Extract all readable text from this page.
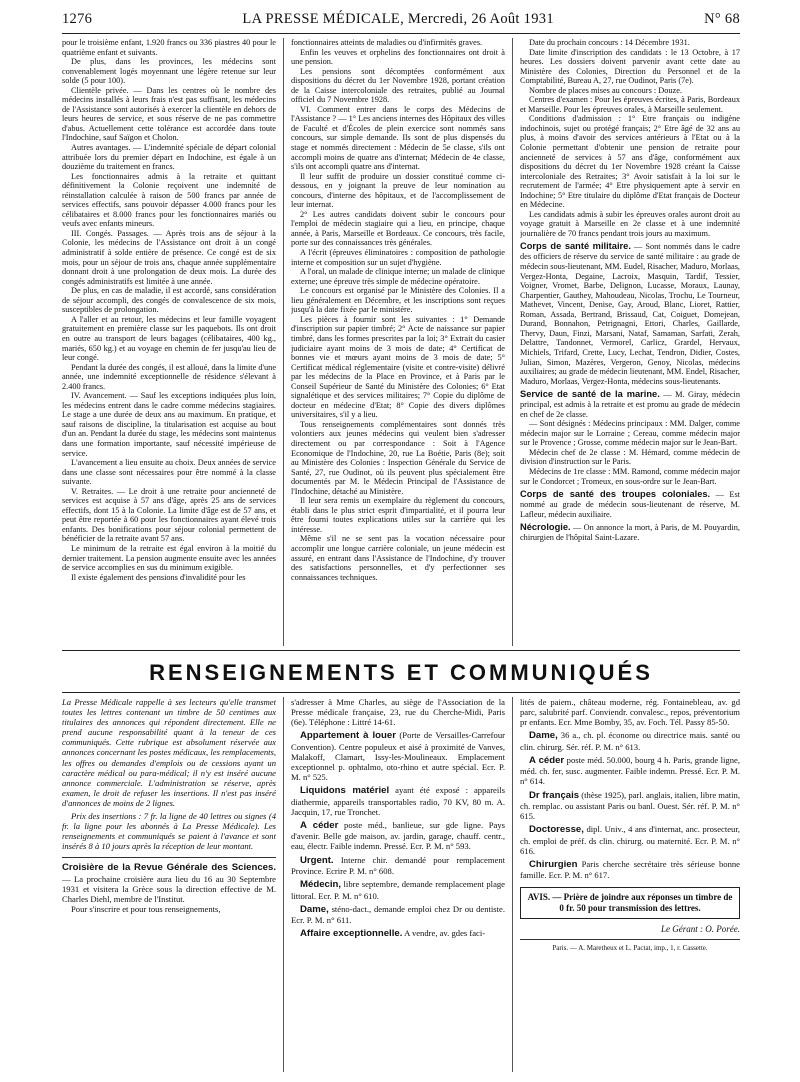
1276	LA PRESSE MÉDICALE, Mercredi, 26 Août 1931	N° 68

pour le troisième enfant, 1.920 francs ou 336 piastres 40 pour le quatrième enfant et suivants.

De plus, dans les provinces, les médecins sont convenablement logés moyennant une légère retenue sur leur solde (5 pour 100).

Clientèle privée. — Dans les centres où le nombre des médecins installés à leurs frais n'est pas suffisant, les médecins de l'Assistance sont autorisés à exercer la clientèle en dehors de leurs heures de service, et sous réserve de ne pas commettre d'abus. Actuellement cette tolérance est accordée dans toute l'Indochine, sauf Saïgon et Cholon.

Autres avantages. — L'indemnité spéciale de départ colonial attribuée lors du premier départ en Indochine, est égale à un douzième du traitement en francs.

Les fonctionnaires admis à la retraite et quittant définitivement la Colonie reçoivent une indemnité de réinstallation calculée à raison de 500 francs par année de services effectifs, sans pouvoir dépasser 4.000 francs pour les célibataires et 8.000 francs pour les fonctionnaires mariés ou veufs avec enfants mineurs.

III. Congés. Passages. — Après trois ans de séjour à la Colonie, les médecins de l'Assistance ont droit à un congé administratif à solde entière de présence. Ce congé est de six mois, pour un séjour de trois ans, chaque année supplémentaire donnant droit à une prolongation de deux mois. La durée des congés administratifs est limitée à une année.

De plus, en cas de maladie, il est accordé, sans considération de séjour accompli, des congés de convalescence de six mois, susceptibles de prolongation.

A l'aller et au retour, les médecins et leur famille voyagent gratuitement en première classe sur les paquebots. Ils ont droit en outre au transport de leurs bagages (célibataires, 400 kg., mariés, 650 kg.) et au voyage en chemin de fer jusqu'au lieu de leur congé.

Pendant la durée des congés, il est alloué, dans la limite d'une année, une indemnité exceptionnelle de résidence s'élevant à 2.400 francs.

IV. Avancement. — Sauf les exceptions indiquées plus loin, les médecins entrent dans le cadre comme médecins stagiaires. Le stage a une durée de deux ans au maximum. En pratique, et sauf raisons de discipline, la titularisation est acquise au bout d'un an. Pendant la durée du stage, les médecins sont maintenus dans une formation importante, sauf nécessité impérieuse de service.

L'avancement a lieu ensuite au choix. Deux années de service dans une classe sont nécessaires pour être nommé à la classe suivante.

V. Retraites. — Le droit à une retraite pour ancienneté de services est acquise à 57 ans d'âge, après 25 ans de services effectifs, dont 15 à la Colonie. La limite d'âge est de 57 ans, et peut être reportée à 60 pour les fonctionnaires ayant élevé trois enfants. Des bonifications pour séjour colonial permettent de bénéficier de la retraite avant 57 ans.

Le minimum de la retraite est égal environ à la moitié du dernier traitement. La pension augmente ensuite avec les années de service accomplies en sus du minimum exigible.

Il existe également des pensions d'invalidité pour les

fonctionnaires atteints de maladies ou d'infirmités graves.

Enfin les veuves et orphelins des fonctionnaires ont droit à une pension.

Les pensions sont décomptées conformément aux dispositions du décret du 1er Novembre 1928, portant création de la Caisse intercoloniale des retraites, publié au Journal officiel du 7 Novembre 1928.

VI. Comment entrer dans le corps des Médecins de l'Assistance ? — 1° Les anciens internes des Hôpitaux des villes de Faculté et d'Écoles de plein exercice sont nommés sans concours, sur simple demande. Ils sont de plus dispensés du stage et nommés directement : Médecin de 5e classe, s'ils ont accompli moins de quatre ans d'internat; Médecin de 4e classe, s'ils ont accompli quatre ans d'internat.

Il leur suffit de produire un dossier constitué comme ci-dessous, en y joignant la preuve de leur nomination au concours, d'interne des hôpitaux, et de l'accomplissement de leur internat.

2° Les autres candidats doivent subir le concours pour l'emploi de médecin stagiaire qui a lieu, en principe, chaque année, à Paris, Marseille et Bordeaux. Ce concours, très facile, porte sur des connaissances très générales.

A l'écrit (épreuves éliminatoires : composition de pathologie interne et composition sur un sujet d'hygiène.

A l'oral, un malade de clinique interne; un malade de clinique externe; une épreuve très simple de médecine opératoire.

Le concours est organisé par le Ministère des Colonies. Il a lieu généralement en Décembre, et les inscriptions sont reçues jusqu'à la date fixée par le ministère.

Les pièces à fournir sont les suivantes : 1° Demande d'inscription sur papier timbré; 2° Acte de naissance sur papier timbré, dans les formes prescrites par la loi; 3° Extrait du casier judiciaire ayant moins de 3 mois de date; 4° Certificat de bonnes vie et mœurs ayant moins de 3 mois de date; 5° Certificat médical réglementaire (visite et contre-visite) délivré par les médecins de la Place en Province, et à Paris par le Conseil Supérieur de Santé du Ministère des Colonies; 6° Etat signalétique et des services militaires; 7° Copie du diplôme de docteur en médecine d'Etat; 8° Copie des divers diplômes universitaires, s'il y a lieu.

Tous renseignements complémentaires sont donnés très volontiers aux jeunes médecins qui veulent bien s'adresser directement ou par correspondance : Soit à l'Agence Economique de l'Indochine, 20, rue La Boétie, Paris (8e); soit au Ministère des Colonies : Inspection Générale du Service de Santé, 27, rue Oudinot, où ils peuvent plus spécialement être documentés par M. le Médecin Principal de l'Assistance de l'Indochine, détaché au Ministère.

Il leur sera remis un exemplaire du règlement du concours, établi dans le plus strict esprit d'impartialité, et il pourra leur être fourni toutes explications utiles sur la carrière qui les intéresse.

Même s'il ne se sent pas la vocation nécessaire pour accomplir une longue carrière coloniale, un jeune médecin est assuré, en entrant dans l'Assistance de l'Indochine, d'y trouver des satisfactions personnelles, et d'y perfectionner ses connaissances techniques.

Date du prochain concours : 14 Décembre 1931.

Date limite d'inscription des candidats : le 13 Octobre, à 17 heures. Les dossiers doivent parvenir avant cette date au Ministère des Colonies, Direction du Personnel et de la Comptabilité, Bureau A, 27, rue Oudinot, Paris (7e).

Nombre de places mises au concours : Douze.

Centres d'examen : Pour les épreuves écrites, à Paris, Bordeaux et Marseille. Pour les épreuves orales, à Marseille seulement.

Conditions d'admission : 1° Etre français ou indigène indochinois, sujet ou protégé français; 2° Etre âgé de 32 ans au plus, à moins d'avoir des services antérieurs à l'Etat ou à la Colonie permettant d'obtenir une pension de retraite pour ancienneté de services à 57 ans d'âge, conformément aux dispositions du décret du 1er Novembre 1928 créant la Caisse intercoloniale des Retraites; 3° Avoir satisfait à la loi sur le recrutement de l'armée; 4° Etre physiquement apte à servir en Indochine; 5° Etre titulaire du diplôme d'Etat français de Docteur en Médecine.

Les candidats admis à subir les épreuves orales auront droit au voyage gratuit à Marseille en 2e classe et à une indemnité journalière de 70 francs pendant trois jours au maximum.

Corps de santé militaire. — Sont nommés dans le cadre des officiers de réserve du service de santé militaire : au grade de médecin sous-lieutenant, MM. Eudel, Risacher, Maduro, Morlaas, Vergez-Honta, Degaine, Lacroix, Masquin, Tardif, Tessier, Voigner, Vromet, Barbe, Delignon, Lucasse, Moraux, Launay, Charpentier, Gauthey, Mahoudeau, Nicolas, Trochu, Le Tourneur, Mathevet, Vincent, Denise, Gay, Aroud, Blanc, Lioret, Rattier, Roman, Assada, Bertrand, Brissaud, Cat, Coiguet, Domejean, Durand, Bonnahon, Petrignagni, Ettori, Charles, Gaillarde, Thervy, Daun, Finzi, Marsani, Nataf, Samaman, Sarfati, Zerah, Delattre, Tandonnet, Vermorel, Carlicz, Grardel, Hervaux, Michiels, Trifard, Crette, Lucy, Lechat, Tendron, Didier, Costes, Julian, Simon, Mazères, Vergeron, Genoy, Nicolas, médecins auxiliaires; au grade de médecin lieutenant, MM. Endel, Risacher, Maduro, Morlaas, Vergez-Honta, médecins sous-lieutenants.

Service de santé de la marine. — M. Giray, médecin principal, est admis à la retraite et est promu au grade de médecin en chef de 2e classe.

— Sont désignés : Médecins principaux : MM. Dalger, comme médecin major sur le Lorraine ; Cereau, comme médecin major sur le Provence ; Grosse, comme médecin major sur le Jean-Bart.

Médecin chef de 2e classe : M. Hémard, comme médecin de division d'instruction sur le Paris.

Médecins de 1re classe : MM. Ramond, comme médecin major sur le Condorcet ; Tromeux, en sous-ordre sur le Jean-Bart.

Corps de santé des troupes coloniales. — Est nommé au grade de médecin sous-lieutenant de réserve, M. Lafleur, médecin auxiliaire.

Nécrologie. — On annonce la mort, à Paris, de M. Pouyardin, chirurgien de l'hôpital Saint-Lazare.

RENSEIGNEMENTS ET COMMUNIQUÉS

La Presse Médicale rappelle à ses lecteurs qu'elle transmet toutes les lettres contenant un timbre de 50 centimes aux titulaires des annonces qui répondent directement. Elle ne prend aucune responsabilité quant à la teneur de ces communiqués. Cette rubrique est absolument réservée aux annonces concernant les postes médicaux, les remplacements, les offres ou demandes d'emplois ou de cessions ayant un caractère médical ou para-médical; il n'y est inséré aucune annonce commerciale. L'administration se réserve, après examen, le droit de refuser les insertions. Il n'est pas inséré d'annonces de moins de 2 lignes.

Prix des insertions : 7 fr. la ligne de 40 lettres ou signes (4 fr. la ligne pour les abonnés à La Presse Médicale). Les renseignements et communiqués se paient à l'avance et sont insérés 8 à 10 jours après la réception de leur montant.

Croisière de la Revue Générale des Sciences. — La prochaine croisière aura lieu du 16 au 30 Septembre 1931 et visitera la Grèce sous la direction effective de M. Charles Diehl, membre de l'Institut.

Pour s'inscrire et pour tous renseignements,

s'adresser à Mme Charles, au siège de l'Association de la Presse médicale française, 23, rue du Cherche-Midi, Paris (6e). Téléphone : Littré 14-61.

Appartement à louer (Porte de Versailles-Carrefour Convention). Centre populeux et aisé à proximité de Vanves, Malakoff, Clamart, Issy-les-Moulineaux. Emplacement exceptionnel p. ophtalmo, oto-rhino et autre spécial. Ecr. P. M. n° 525.

Liquidons matériel ayant été exposé : appareils diathermie, appareils transportables radio, 70 KV, 80 m. A. Jacquin, 17, rue Tronchet.

A céder poste méd., banlieue, sur gde ligne. Pays d'avenir. Belle gde maison, av. jardin, garage, chauff. centr., eau, électr. Faible indemn. Pressé. Ecr. P. M. n° 593.

Urgent. Interne chir. demandé pour remplacement Province. Ecrire P. M. n° 608.

Médecin, libre septembre, demande remplacement plage littoral. Ecr. P. M. n° 610.

Dame, sténo-dact., demande emploi chez Dr ou dentiste. Ecr. P. M. n° 611.

Affaire exceptionnelle. A vendre, av. gdes faci-

lités de paiem., château moderne, rég. Fontainebleau, av. gd parc, salubrité parf. Conviendr. convalesc., repos, préventorium pr enfants. Ecr. Mme Bomby, 35, av. Foch. Tél. Passy 85-50.

Dame, 36 a., ch. pl. économe ou directrice mais. santé ou clin. chirurg. Sér. réf. P. M. n° 613.

A céder poste méd. 50.000, bourg 4 h. Paris, grande ligne, méd. ch. fer, susc. augmenter. Faible indemn. Pressé. Ecr. P. M. n° 614.

Dr français (thèse 1925), parl. anglais, italien, libre matin, ch. remplac. ou assistant Paris ou banl. Ouest. Sér. réf. P. M. n° 615.

Doctoresse, dipl. Univ., 4 ans d'internat, anc. prosecteur, ch. emploi de préf. ds clin. chirurg. ou maternité. Ecr. P. M. n° 616.

Chirurgien Paris cherche secrétaire très sérieuse bonne famille. Ecr. P. M. n° 617.

AVIS. — Prière de joindre aux réponses un timbre de 0 fr. 50 pour transmission des lettres.
Le Gérant : O. Porée.
Paris. — A. Maretheux et L. Pactat, imp., 1, r. Cassette.
